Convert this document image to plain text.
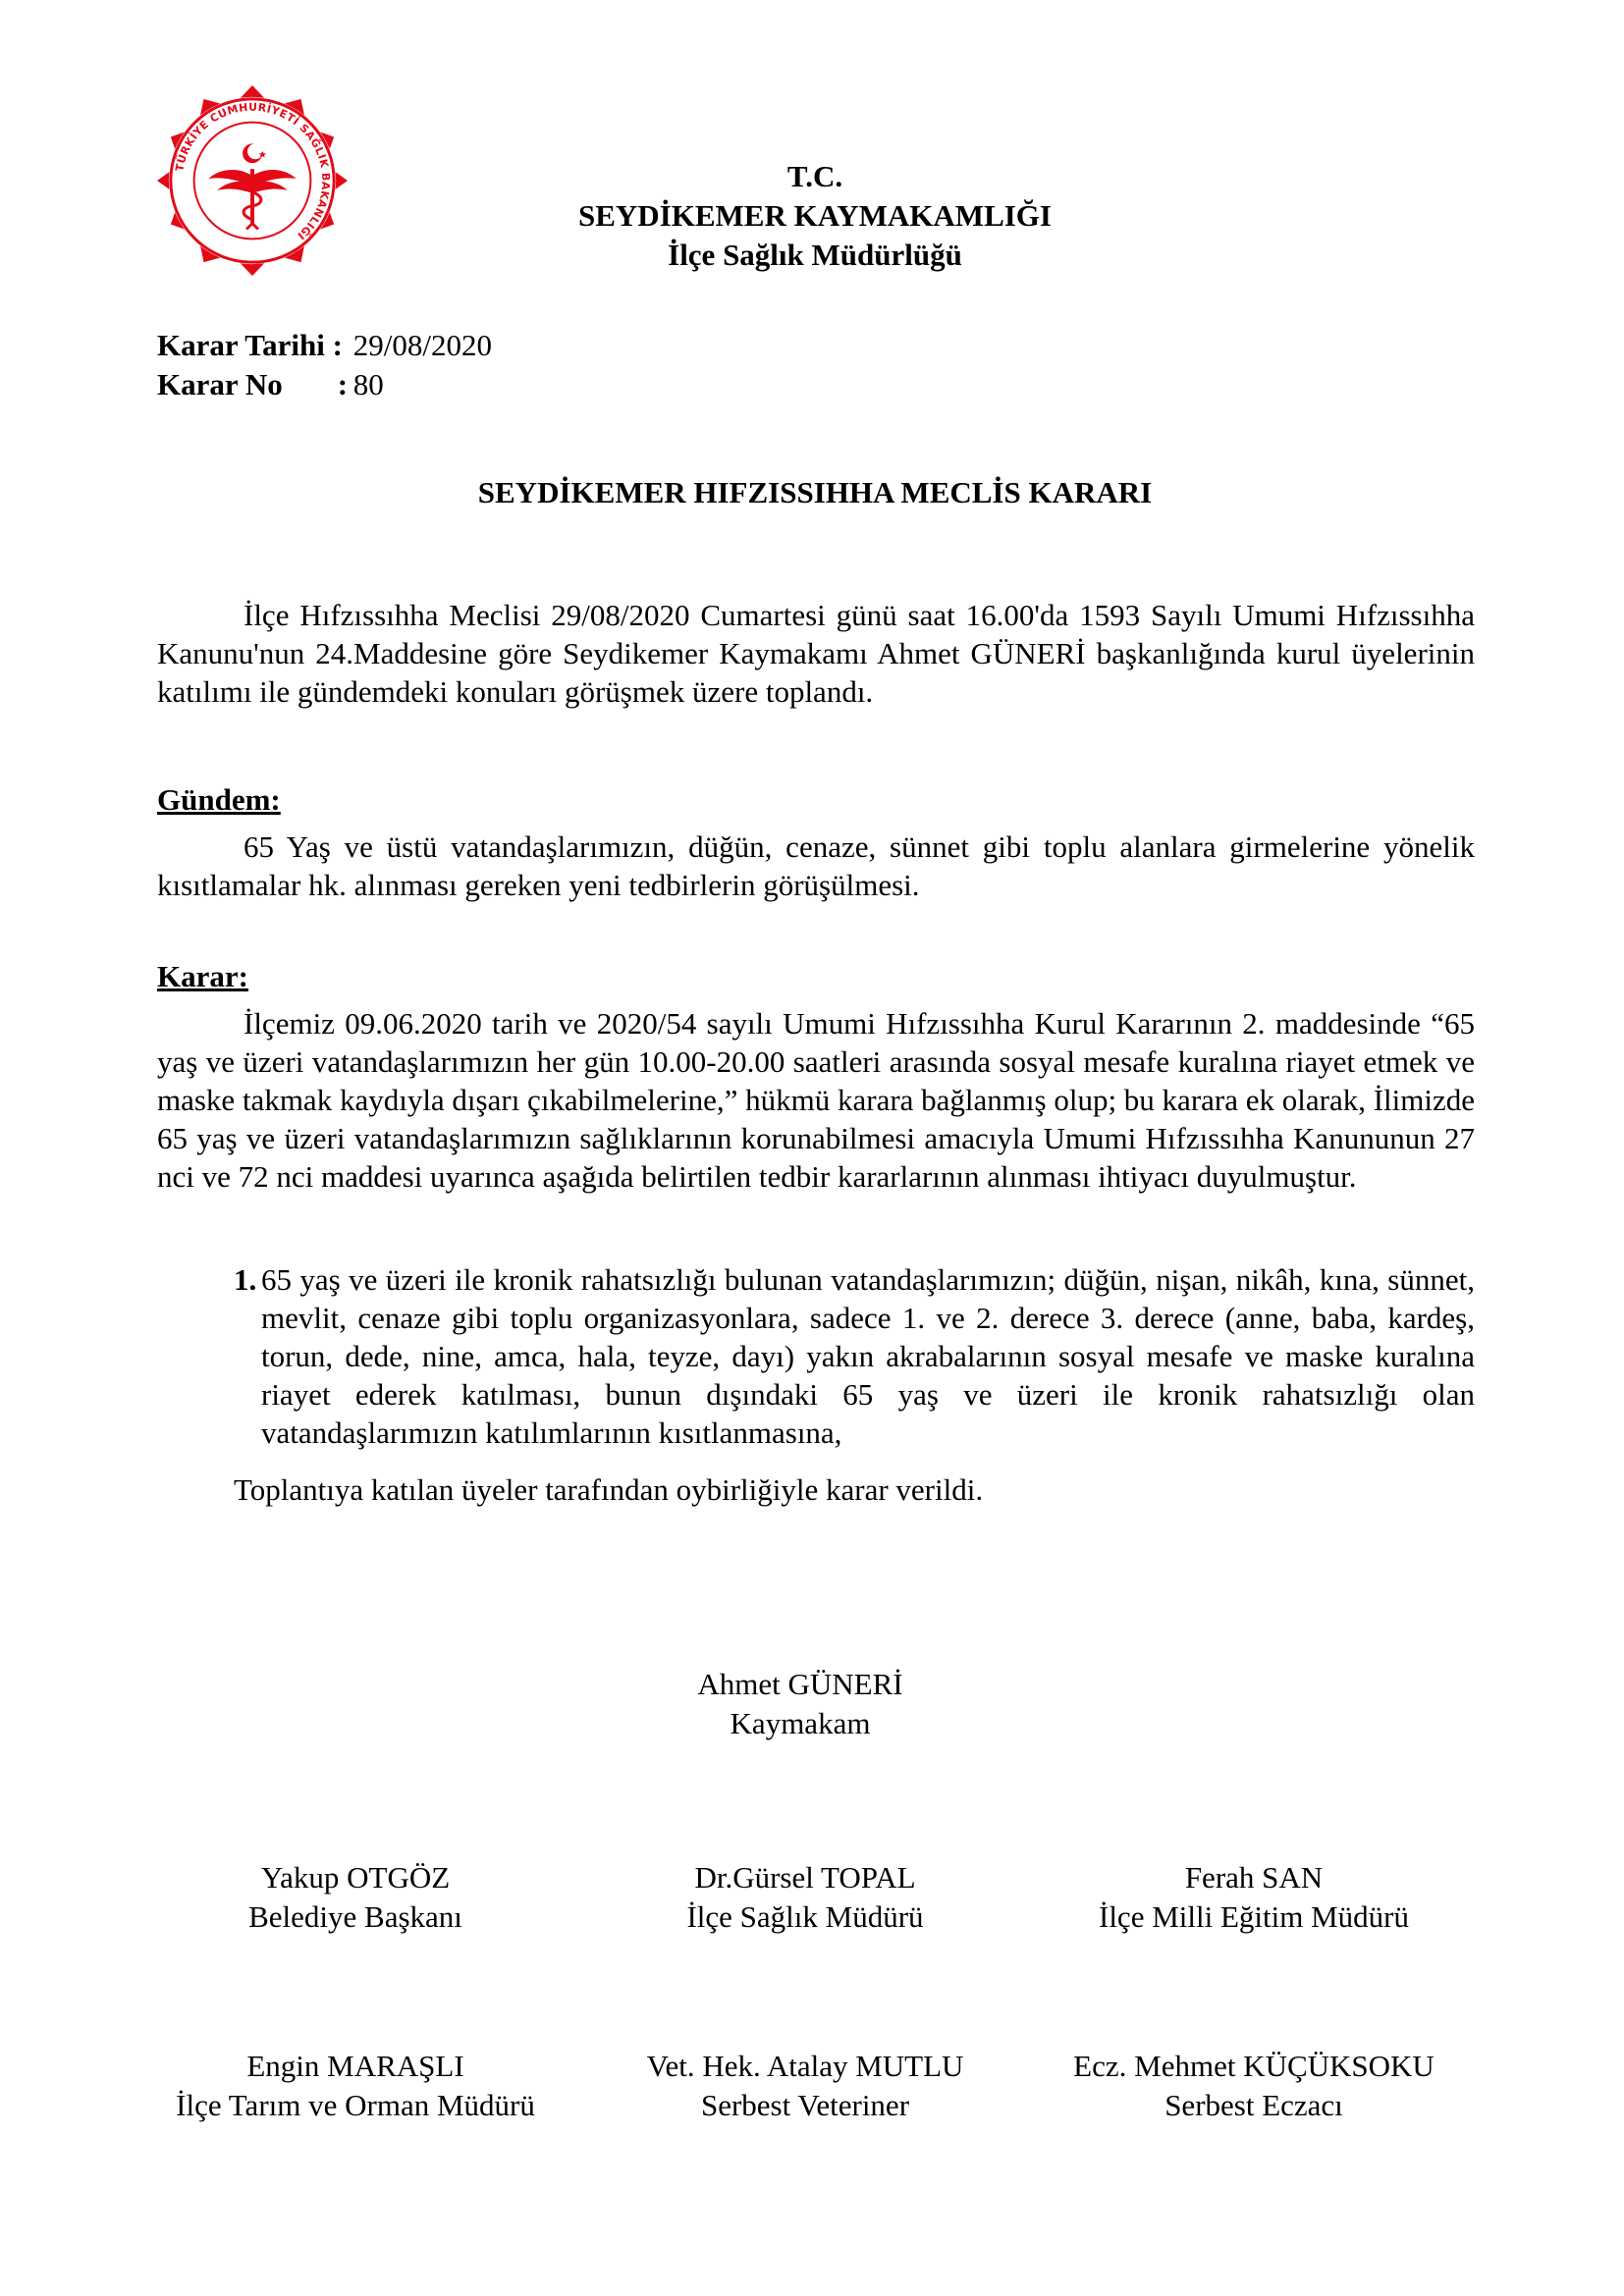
TÜRKİYE CUMHURİYETİ SAĞLIK BAKANLIĞI
T.C.
SEYDİKEMER KAYMAKAMLIĞI
İlçe Sağlık Müdürlüğü
Karar Tarihi : 29/08/2020
Karar No : 80
SEYDİKEMER HIFZISSIHHA MECLİS KARARI
İlçe Hıfzıssıhha Meclisi 29/08/2020 Cumartesi günü saat 16.00'da 1593 Sayılı Umumi Hıfzıssıhha Kanunu'nun 24.Maddesine göre Seydikemer Kaymakamı Ahmet GÜNERİ başkanlığında kurul üyelerinin katılımı ile gündemdeki konuları görüşmek üzere toplandı.
Gündem:
65 Yaş ve üstü vatandaşlarımızın, düğün, cenaze, sünnet gibi toplu alanlara girmelerine yönelik kısıtlamalar hk. alınması gereken yeni tedbirlerin görüşülmesi.
Karar:
İlçemiz 09.06.2020 tarih ve 2020/54 sayılı Umumi Hıfzıssıhha Kurul Kararının 2. maddesinde “65 yaş ve üzeri vatandaşlarımızın her gün 10.00-20.00 saatleri arasında sosyal mesafe kuralına riayet etmek ve maske takmak kaydıyla dışarı çıkabilmelerine,” hükmü karara bağlanmış olup; bu karara ek olarak, İlimizde 65 yaş ve üzeri vatandaşlarımızın sağlıklarının korunabilmesi amacıyla Umumi Hıfzıssıhha Kanununun 27 nci ve 72 nci maddesi uyarınca aşağıda belirtilen tedbir kararlarının alınması ihtiyacı duyulmuştur.
1. 65 yaş ve üzeri ile kronik rahatsızlığı bulunan vatandaşlarımızın; düğün, nişan, nikâh, kına, sünnet, mevlit, cenaze gibi toplu organizasyonlara, sadece 1. ve 2. derece 3. derece (anne, baba, kardeş, torun, dede, nine, amca, hala, teyze, dayı) yakın akrabalarının sosyal mesafe ve maske kuralına riayet ederek katılması, bunun dışındaki 65 yaş ve üzeri ile kronik rahatsızlığı olan vatandaşlarımızın katılımlarının kısıtlanmasına,
Toplantıya katılan üyeler tarafından oybirliğiyle karar verildi.
Ahmet GÜNERİ
Kaymakam
Yakup OTGÖZ
Belediye Başkanı
Dr.Gürsel TOPAL
İlçe Sağlık Müdürü
Ferah SAN
İlçe Milli Eğitim Müdürü
Engin MARAŞLI
İlçe Tarım ve Orman Müdürü
Vet. Hek. Atalay MUTLU
Serbest Veteriner
Ecz. Mehmet KÜÇÜKSOKU
Serbest Eczacı
